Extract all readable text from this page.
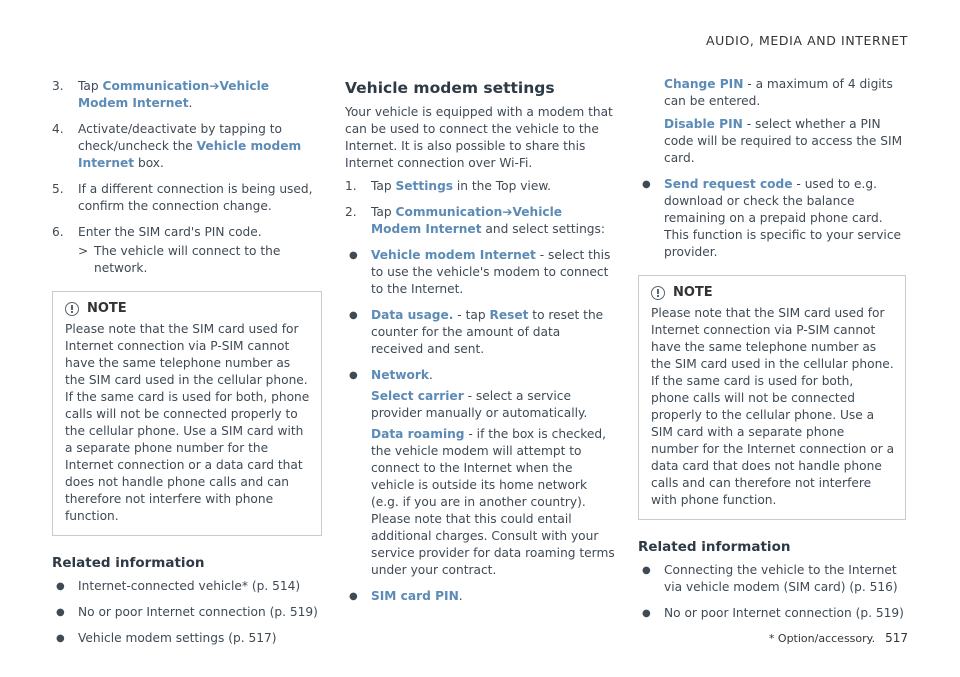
AUDIO, MEDIA AND INTERNET
3. Tap Communication➔Vehicle Modem Internet.
4. Activate/deactivate by tapping to check/uncheck the Vehicle modem Internet box.
5. If a different connection is being used, confirm the connection change.
6. Enter the SIM card's PIN code.
> The vehicle will connect to the network.
NOTE
Please note that the SIM card used for Internet connection via P-SIM cannot have the same telephone number as the SIM card used in the cellular phone. If the same card is used for both, phone calls will not be connected properly to the cellular phone. Use a SIM card with a separate phone number for the Internet connection or a data card that does not handle phone calls and can therefore not interfere with phone function.
Related information
● Internet-connected vehicle* (p. 514)
● No or poor Internet connection (p. 519)
● Vehicle modem settings (p. 517)
Vehicle modem settings
Your vehicle is equipped with a modem that can be used to connect the vehicle to the Internet. It is also possible to share this Internet connection over Wi-Fi.
1. Tap Settings in the Top view.
2. Tap Communication➔Vehicle Modem Internet and select settings:
● Vehicle modem Internet - select this to use the vehicle's modem to connect to the Internet.
● Data usage. - tap Reset to reset the counter for the amount of data received and sent.
● Network.
Select carrier - select a service provider manually or automatically.
Data roaming - if the box is checked, the vehicle modem will attempt to connect to the Internet when the vehicle is outside its home network (e.g. if you are in another country). Please note that this could entail additional charges. Consult with your service provider for data roaming terms under your contract.
● SIM card PIN.
Change PIN - a maximum of 4 digits can be entered.
Disable PIN - select whether a PIN code will be required to access the SIM card.
● Send request code - used to e.g. download or check the balance remaining on a prepaid phone card. This function is specific to your service provider.
NOTE
Please note that the SIM card used for Internet connection via P-SIM cannot have the same telephone number as the SIM card used in the cellular phone. If the same card is used for both, phone calls will not be connected properly to the cellular phone. Use a SIM card with a separate phone number for the Internet connection or a data card that does not handle phone calls and can therefore not interfere with phone function.
Related information
● Connecting the vehicle to the Internet via vehicle modem (SIM card) (p. 516)
● No or poor Internet connection (p. 519)
* Option/accessory. 517
